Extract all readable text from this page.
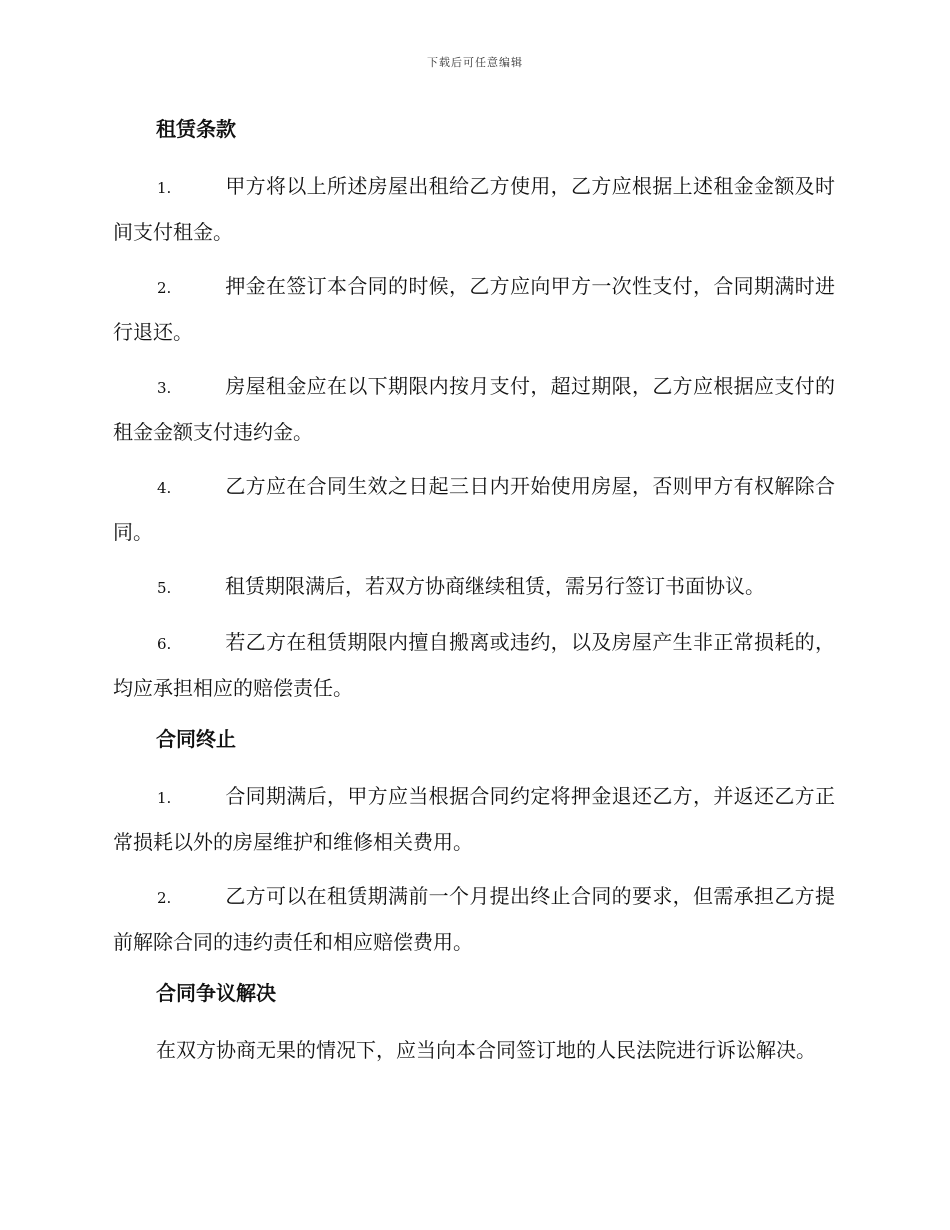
下载后可任意编辑
租赁条款
1.	甲方将以上所述房屋出租给乙方使用，乙方应根据上述租金金额及时间支付租金。
2.	押金在签订本合同的时候，乙方应向甲方一次性支付，合同期满时进行退还。
3.	房屋租金应在以下期限内按月支付，超过期限，乙方应根据应支付的租金金额支付违约金。
4.	乙方应在合同生效之日起三日内开始使用房屋，否则甲方有权解除合同。
5.	租赁期限满后，若双方协商继续租赁，需另行签订书面协议。
6.	若乙方在租赁期限内擅自搬离或违约，以及房屋产生非正常损耗的，均应承担相应的赔偿责任。
合同终止
1.	合同期满后，甲方应当根据合同约定将押金退还乙方，并返还乙方正常损耗以外的房屋维护和维修相关费用。
2.	乙方可以在租赁期满前一个月提出终止合同的要求，但需承担乙方提前解除合同的违约责任和相应赔偿费用。
合同争议解决
在双方协商无果的情况下，应当向本合同签订地的人民法院进行诉讼解决。
